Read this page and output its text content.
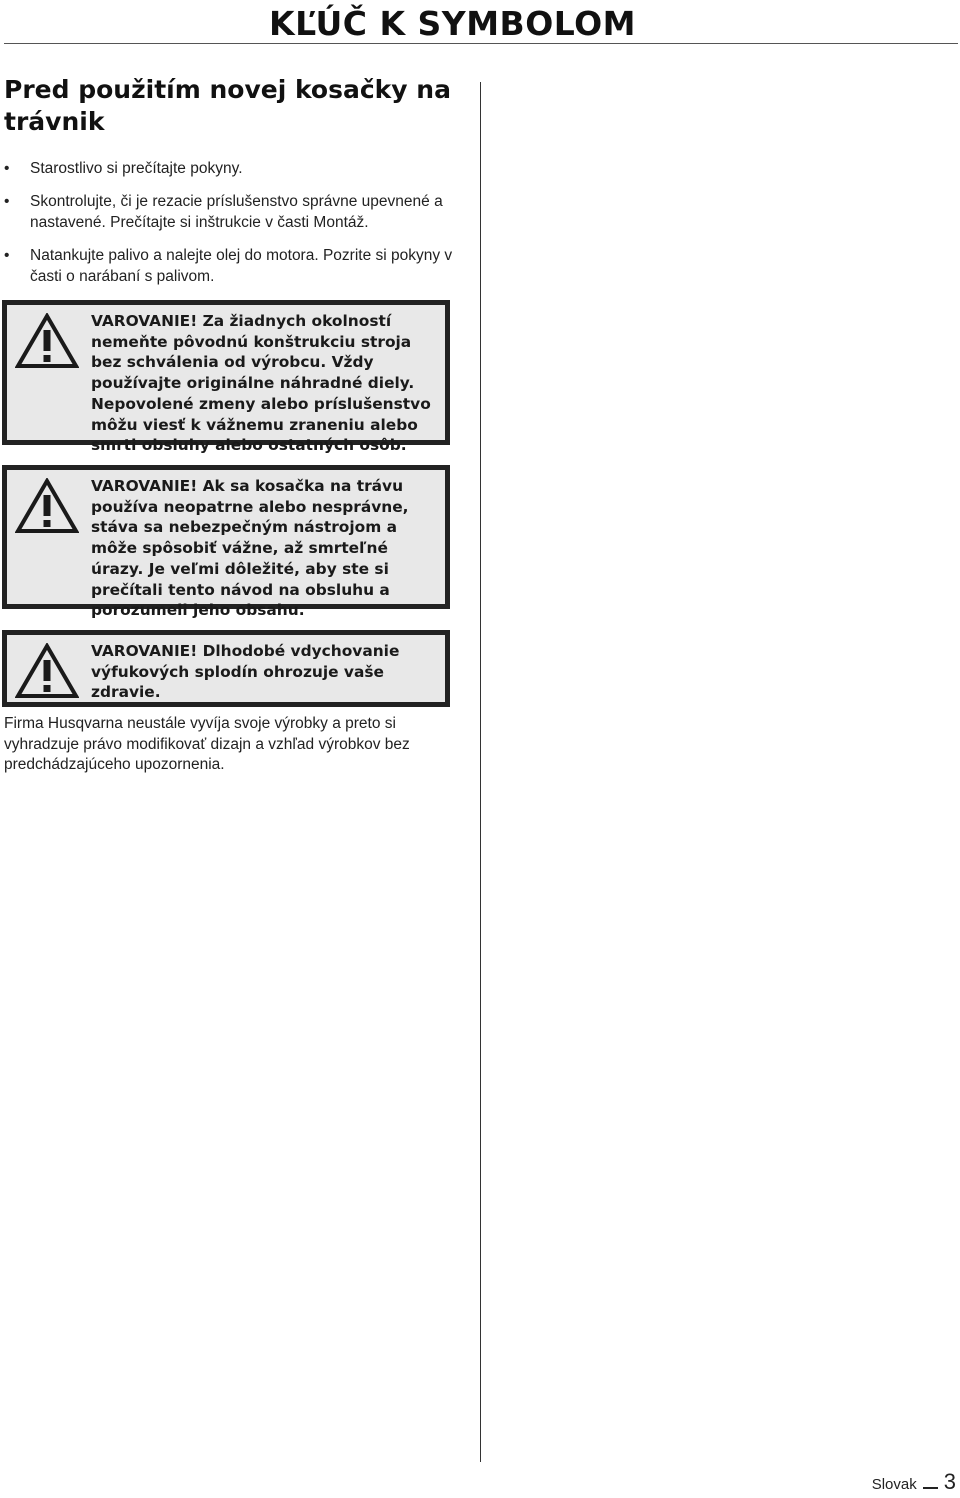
KĽÚČ K SYMBOLOM
Pred použitím novej kosačky na trávnik
• Starostlivo si prečítajte pokyny.
• Skontrolujte, či je rezacie príslušenstvo správne upevnené a nastavené. Prečítajte si inštrukcie v časti Montáž.
• Natankujte palivo a nalejte olej do motora. Pozrite si pokyny v časti o narábaní s palivom.
VAROVANIE! Za žiadnych okolností nemeňte pôvodnú konštrukciu stroja bez schválenia od výrobcu. Vždy používajte originálne náhradné diely. Nepovolené zmeny alebo príslušenstvo môžu viesť k vážnemu zraneniu alebo smrti obsluhy alebo ostatných osôb.
VAROVANIE! Ak sa kosačka na trávu používa neopatrne alebo nesprávne, stáva sa nebezpečným nástrojom a môže spôsobiť vážne, až smrteľné úrazy. Je veľmi dôležité, aby ste si prečítali tento návod na obsluhu a porozumeli jeho obsahu.
VAROVANIE! Dlhodobé vdychovanie výfukových splodín ohrozuje vaše zdravie.
Firma Husqvarna neustále vyvíja svoje výrobky a preto si vyhradzuje právo modifikovať dizajn a vzhľad výrobkov bez predchádzajúceho upozornenia.
Slovak 3
